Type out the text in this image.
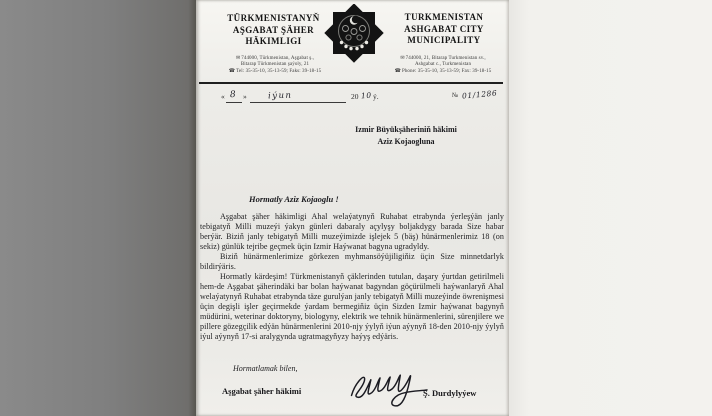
TÜRKMENISTANYŇ
AŞGABAT ŞÄHER
HÄKIMLIGI
TURKMENISTAN
ASHGABAT CITY
MUNICIPALITY
✉744000, Türkmenistan, Aşgabat ş.,
Bitarap Türkmenistan şaýoly, 21
☎Tel: 35-35-10, 35-13-59; Faks: 39-18-15
✉744000, 21, Bitarap Turkmenistan sv.,
Ashgabat c., Turkmenistan
☎Phone: 35-35-10, 35-13-59; Fax: 39-18-15
« 8 » iýun	20 10 ý.	№ 01/1286
Izmir Büyükşäheriniň häkimi
Aziz Kojaogluna
Hormatly Aziz Kojaoglu !

Aşgabat şäher häkimligi Ahal welaýatynyň Ruhabat etrabynda ýerleşýän janly tebigatyň Milli muzeýi ýakyn günleri dabaraly açylyşy boljakdygy barada Size habar berýär. Biziň janly tebigatyň Milli muzeýimizde işlejek 5 (bäş) hünärmenlerimiz 18 (on sekiz) günlük tejribe geçmek üçin Izmir Haýwanat bagyna ugradyldy.

Biziň hünärmenlerimize görkezen myhmansöýüjiligiňiz üçin Size minnetdarlyk bildirýäris.

Hormatly kärdeşim! Türkmenistanyň çäklerinden tutulan, daşary ýurtdan getirilmeli hem-de Aşgabat şäherindäki bar bolan haýwanat bagyndan göçürülmeli haýwanlaryň Ahal welaýatynyň Ruhabat etrabynda täze gurulýan janly tebigatyň Milli muzeýinde öwrenişmesi üçin degişli işler geçirmekde ýardam bermegiňiz üçin Sizden Izmir haýwanat bagynyň müdürini, weterinar doktoryny, biologyny, elektrik we tehnik hünärmenlerini, sürenjilere we pillere gözegçilik edýän hünärmenlerini 2010-njy ýylyň iýun aýynyň 18-den 2010-njy ýylyň iýul aýynyň 17-si aralygynda ugratmagyňyzy haýyş edýäris.

Hormatlamak bilen,
Aşgabat şäher häkimi	Ş. Durdylyýew
